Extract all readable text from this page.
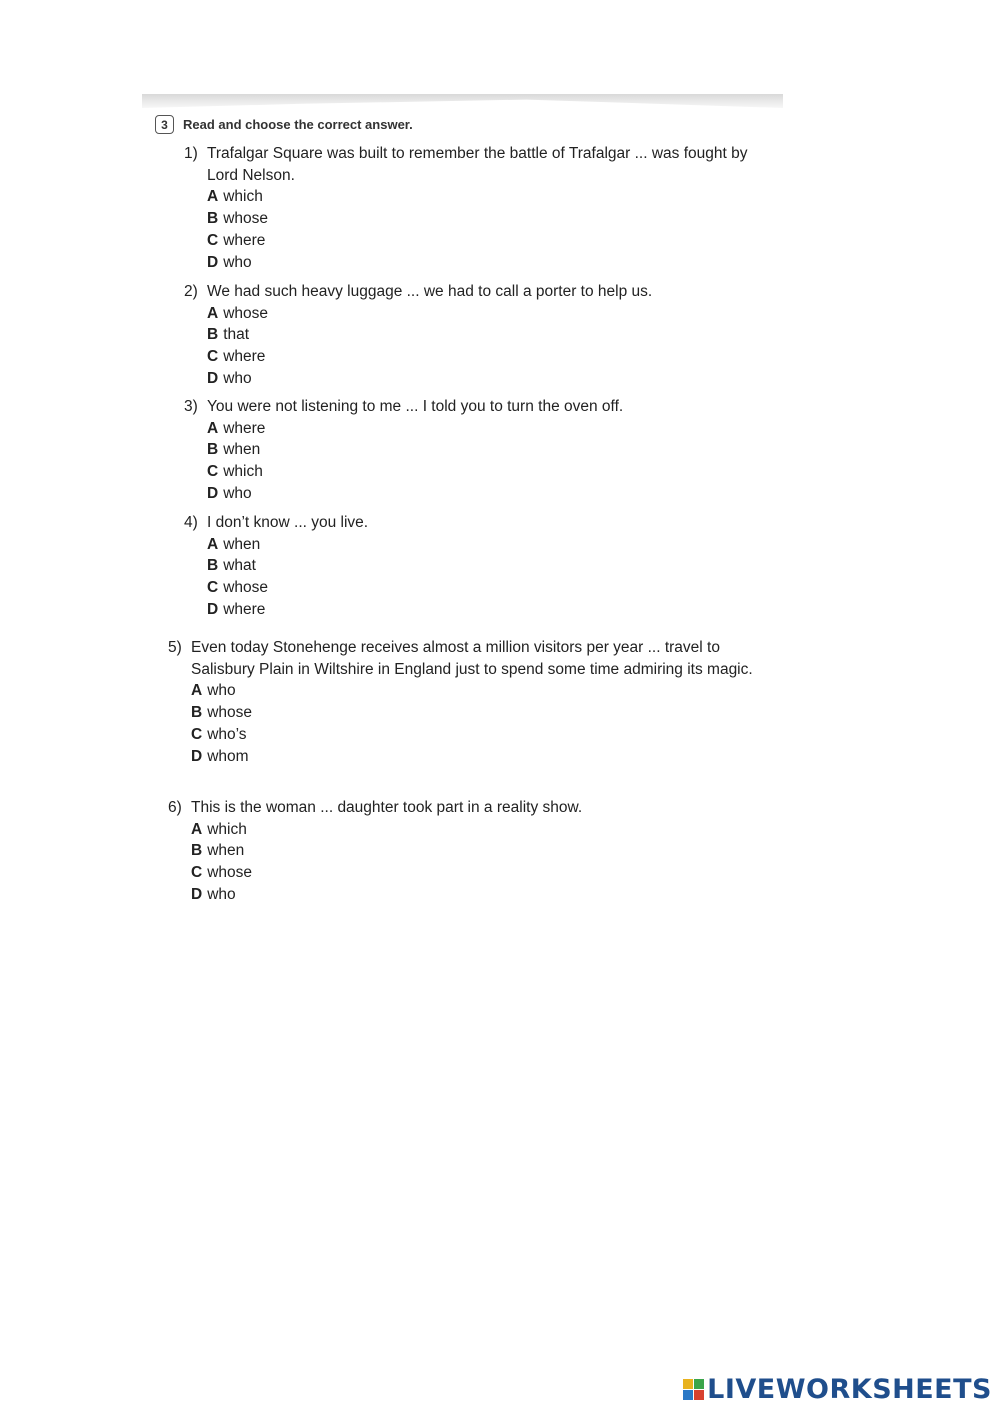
3	Read and choose the correct answer.
1) Trafalgar Square was built to remember the battle of Trafalgar ... was fought by Lord Nelson.
A which
B whose
C where
D who
2) We had such heavy luggage ... we had to call a porter to help us.
A whose
B that
C where
D who
3) You were not listening to me ... I told you to turn the oven off.
A where
B when
C which
D who
4) I don’t know ... you live.
A when
B what
C whose
D where
5) Even today Stonehenge receives almost a million visitors per year ... travel to Salisbury Plain in Wiltshire in England just to spend some time admiring its magic.
A who
B whose
C who’s
D whom
6) This is the woman ... daughter took part in a reality show.
A which
B when
C whose
D who
LIVEWORKSHEETS
